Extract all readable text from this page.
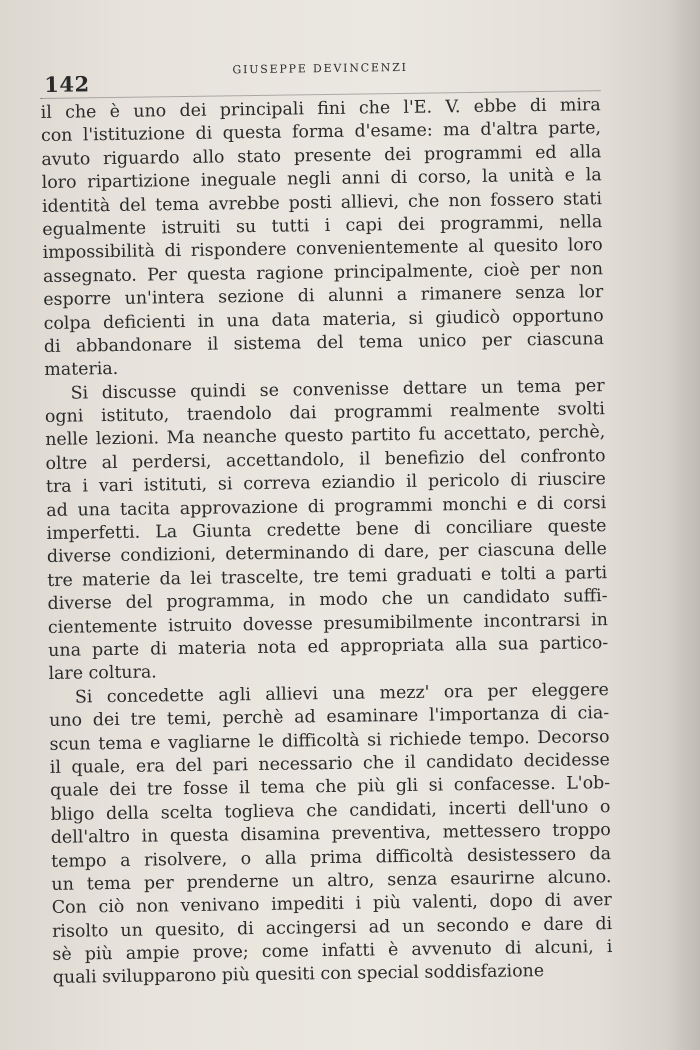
142
GIUSEPPE DEVINCENZI
il che è uno dei principali fini che l'E. V. ebbe di mira
con l'istituzione di questa forma d'esame: ma d'altra parte,
avuto riguardo allo stato presente dei programmi ed alla
loro ripartizione ineguale negli anni di corso, la unità e la
identità del tema avrebbe posti allievi, che non fossero stati
egualmente istruiti su tutti i capi dei programmi, nella
impossibilità di rispondere convenientemente al quesito loro
assegnato. Per questa ragione principalmente, cioè per non
esporre un'intera sezione di alunni a rimanere senza lor
colpa deficienti in una data materia, si giudicò opportuno
di abbandonare il sistema del tema unico per ciascuna
materia.
Si discusse quindi se convenisse dettare un tema per
ogni istituto, traendolo dai programmi realmente svolti
nelle lezioni. Ma neanche questo partito fu accettato, perchè,
oltre al perdersi, accettandolo, il benefizio del confronto
tra i vari istituti, si correva eziandio il pericolo di riuscire
ad una tacita approvazione di programmi monchi e di corsi
imperfetti. La Giunta credette bene di conciliare queste
diverse condizioni, determinando di dare, per ciascuna delle
tre materie da lei trascelte, tre temi graduati e tolti a parti
diverse del programma, in modo che un candidato suffi-
cientemente istruito dovesse presumibilmente incontrarsi in
una parte di materia nota ed appropriata alla sua partico-
lare coltura.
Si concedette agli allievi una mezz' ora per eleggere
uno dei tre temi, perchè ad esaminare l'importanza di cia-
scun tema e vagliarne le difficoltà si richiede tempo. Decorso
il quale, era del pari necessario che il candidato decidesse
quale dei tre fosse il tema che più gli si confacesse. L'ob-
bligo della scelta toglieva che candidati, incerti dell'uno o
dell'altro in questa disamina preventiva, mettessero troppo
tempo a risolvere, o alla prima difficoltà desistessero da
un tema per prenderne un altro, senza esaurirne alcuno.
Con ciò non venivano impediti i più valenti, dopo di aver
risolto un quesito, di accingersi ad un secondo e dare di
sè più ampie prove; come infatti è avvenuto di alcuni, i
quali svilupparono più quesiti con special soddisfazione
